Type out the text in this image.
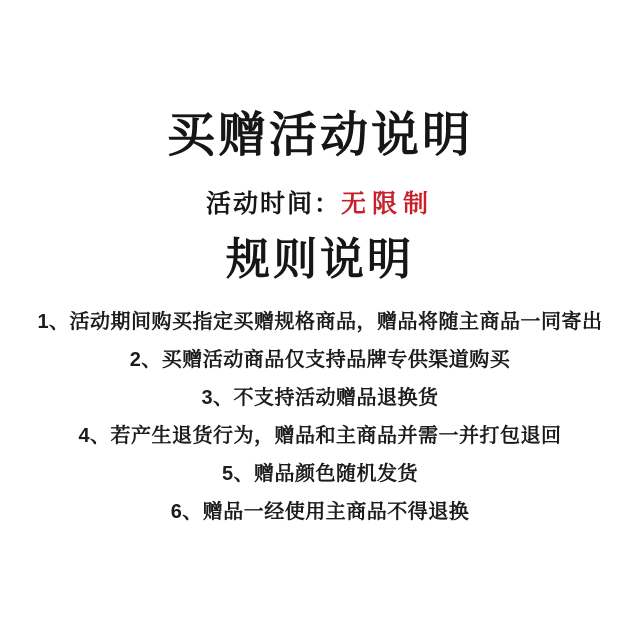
买赠活动说明

活动时间：无限制

规则说明

1、活动期间购买指定买赠规格商品，赠品将随主商品一同寄出

2、买赠活动商品仅支持品牌专供渠道购买

3、不支持活动赠品退换货

4、若产生退货行为，赠品和主商品并需一并打包退回

5、赠品颜色随机发货

6、赠品一经使用主商品不得退换
